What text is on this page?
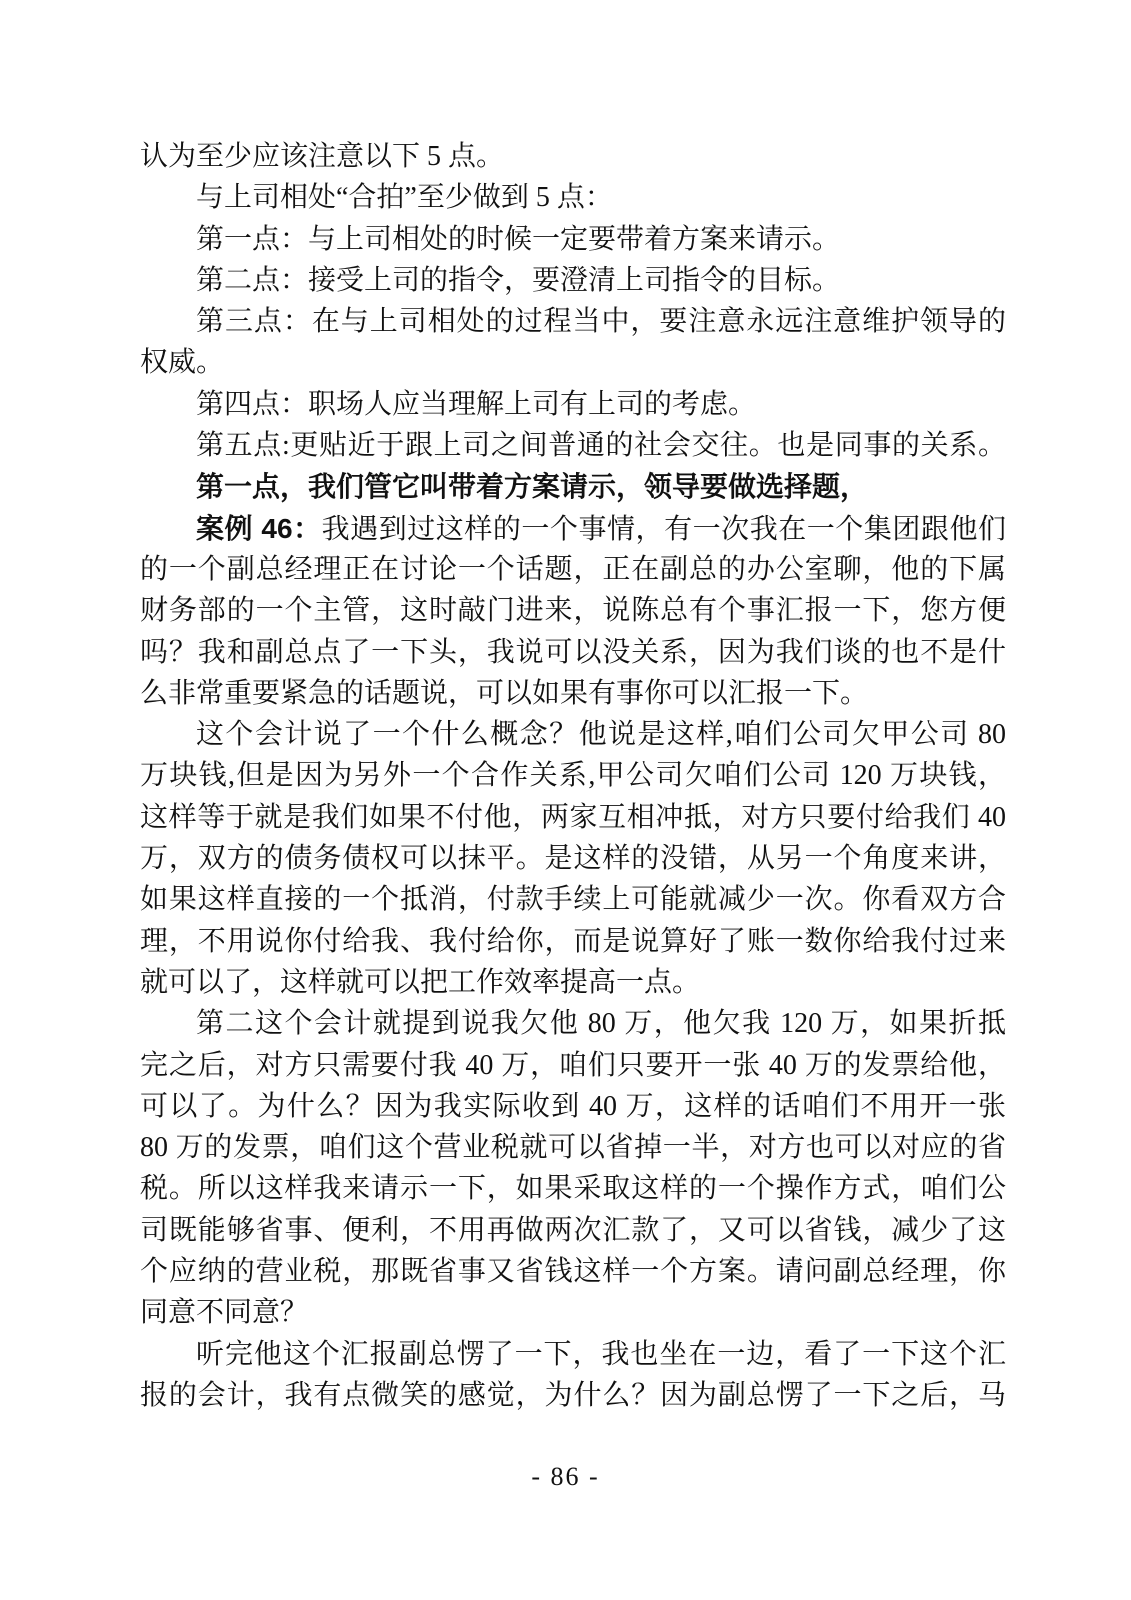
认为至少应该注意以下 5 点。
与上司相处“合拍”至少做到 5 点：
第一点：与上司相处的时候一定要带着方案来请示。
第二点：接受上司的指令，要澄清上司指令的目标。
第三点：在与上司相处的过程当中，要注意永远注意维护领导的
权威。
第四点：职场人应当理解上司有上司的考虑。
第五点:更贴近于跟上司之间普通的社会交往。也是同事的关系。
第一点，我们管它叫带着方案请示，领导要做选择题，
案例 46：我遇到过这样的一个事情，有一次我在一个集团跟他们
的一个副总经理正在讨论一个话题，正在副总的办公室聊，他的下属
财务部的一个主管，这时敲门进来，说陈总有个事汇报一下，您方便
吗？我和副总点了一下头，我说可以没关系，因为我们谈的也不是什
么非常重要紧急的话题说，可以如果有事你可以汇报一下。
这个会计说了一个什么概念？他说是这样,咱们公司欠甲公司 80
万块钱,但是因为另外一个合作关系,甲公司欠咱们公司 120 万块钱，
这样等于就是我们如果不付他，两家互相冲抵，对方只要付给我们 40
万，双方的债务债权可以抹平。是这样的没错，从另一个角度来讲，
如果这样直接的一个抵消，付款手续上可能就减少一次。你看双方合
理，不用说你付给我、我付给你，而是说算好了账一数你给我付过来
就可以了，这样就可以把工作效率提高一点。
第二这个会计就提到说我欠他 80 万，他欠我 120 万，如果折抵
完之后，对方只需要付我 40 万，咱们只要开一张 40 万的发票给他，
可以了。为什么？因为我实际收到 40 万，这样的话咱们不用开一张
80 万的发票，咱们这个营业税就可以省掉一半，对方也可以对应的省
税。所以这样我来请示一下，如果采取这样的一个操作方式，咱们公
司既能够省事、便利，不用再做两次汇款了，又可以省钱，减少了这
个应纳的营业税，那既省事又省钱这样一个方案。请问副总经理，你
同意不同意？
听完他这个汇报副总愣了一下，我也坐在一边，看了一下这个汇
报的会计，我有点微笑的感觉，为什么？因为副总愣了一下之后，马
- 86 -
